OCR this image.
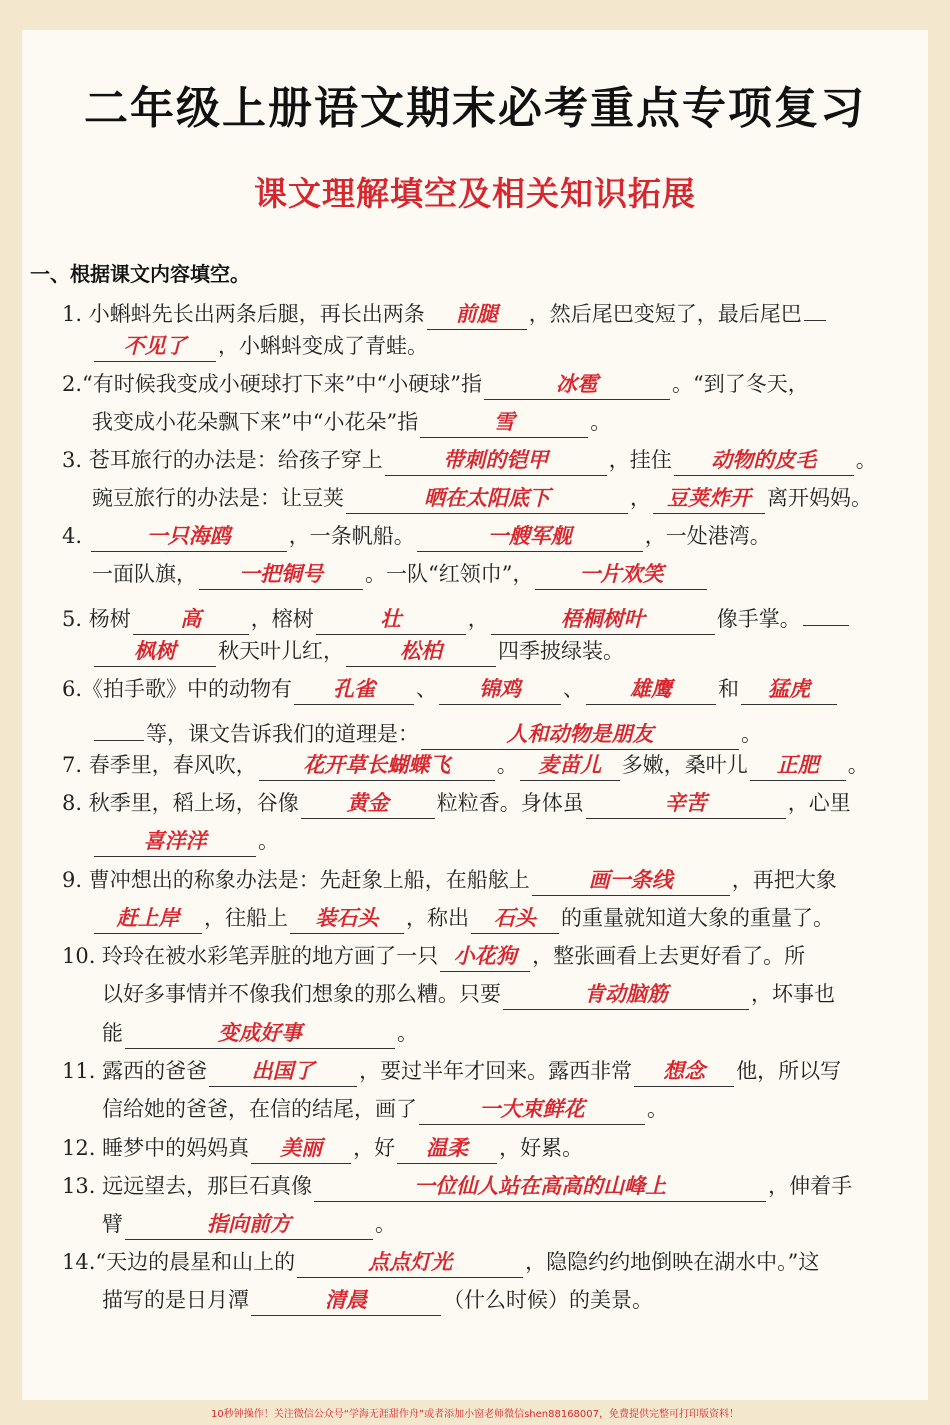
二年级上册语文期末必考重点专项复习
课文理解填空及相关知识拓展
一、根据课文内容填空。
1. 小蝌蚪先长出两条后腿，再长出两条 前腿 ，然后尾巴变短了，最后尾巴
不见了 ，小蝌蚪变成了青蛙。
2.“有时候我变成小硬球打下来”中“小硬球”指	冰雹	。“到了冬天，
我变成小花朵飘下来”中“小花朵”指	雪	。
3. 苍耳旅行的办法是：给孩子穿上	带刺的铠甲	，挂住 动物的皮毛 。
豌豆旅行的办法是：让豆荚	晒在太阳底下	， 豆荚炸开 离开妈妈。
4.	一只海鸥	，一条帆船。	一艘军舰	，一处港湾。
一面队旗， 一把铜号 。一队“红领巾”， 一片欢笑
5. 杨树 高 ，榕树	壮	，	梧桐树叶	像手掌。
枫树 秋天叶儿红，	松柏	四季披绿装。
6.《拍手歌》中的动物有 孔雀 、 锦鸡 、 雄鹰 和 猛虎
等，课文告诉我们的道理是：	人和动物是朋友	。
7. 春季里，春风吹， 花开草长蝴蝶飞 。 麦苗儿 多嫩，桑叶儿 正肥 。
8. 秋季里，稻上场，谷像 黄金 粒粒香。身体虽	辛苦	，心里
喜洋洋 。
9. 曹冲想出的称象办法是：先赶象上船，在船舷上	画一条线	，再把大象
赶上岸 ，往船上 装石头 ，称出 石头 的重量就知道大象的重量了。
10. 玲玲在被水彩笔弄脏的地方画了一只 小花狗 ，整张画看上去更好看了。所
以好多事情并不像我们想象的那么糟。只要	肯动脑筋	，坏事也
能	变成好事	。
11. 露西的爸爸 出国了 ，要过半年才回来。露西非常 想念 他，所以写
信给她的爸爸，在信的结尾，画了	一大束鲜花	。
12. 睡梦中的妈妈真 美丽 ，好 温柔 ，好累。
13. 远远望去，那巨石真像	一位仙人站在高高的山峰上	，伸着手
臂	指向前方	。
14.“天边的晨星和山上的	点点灯光	，隐隐约约地倒映在湖水中。”这
描写的是日月潭	清晨	（什么时候）的美景。
10秒钟操作！关注微信公众号“学海无涯甜作舟”或者添加小窗老师微信shen88168007，免费提供完整可打印版资料！
